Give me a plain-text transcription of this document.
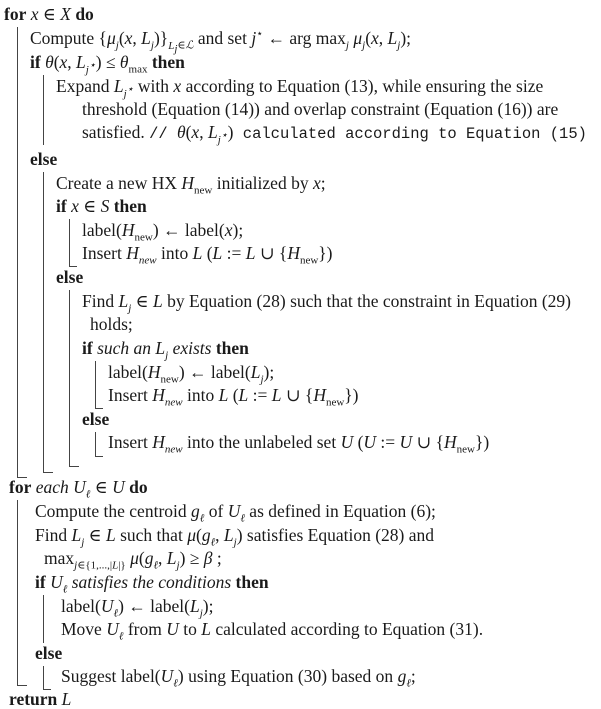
for x ∈ X do
Compute {$\mu_j(x$, $L_j)\}_{L_j\in ℒ}$ and set j⋆ ← arg $\max_j \mu_j(x$, $L_j$);
if θ(x, $L_{j^⋆}) \le \theta_{max}$ then
Expand $L_{j^⋆}$ with x according to Equation (13), while ensuring the size
threshold (Equation (14)) and overlap constraint (Equation (16)) are
satisfied. // θ(x, $L_{j^⋆}$) calculated according to Equation (15)
else
Create a new HX $H_{new}$ initialized by x;
if x ∈ S then
$label(H_{new})$ ← label(x);
Insert $H_{new}$ into L (L := L ∪ $\{H_{new}\}$)
else
Find $L_j$ ∈ L by Equation (28) such that the constraint in Equation (29)
holds;
if such an $L_j$ exists then
$label(H_{new})$ ← $label(L_j)$;
Insert $H_{new}$ into L (L := L ∪ $\{H_{new}\}$)
else
Insert $H_{new}$ into the unlabeled set U (U := U ∪ $\{H_{new}\}$)
for each $U_\ell$ ∈ U do
Compute the centroid $g_\ell$ of $U_\ell$ as defined in Equation (6);
Find $L_j$ ∈ L such that $\mu(g_\ell$, $L_j$) satisfies Equation (28) and
$\max_{j\in\{1,...,|L|\}} \mu(g_\ell$, $L_j) \ge \beta$ ;
if $U_\ell$ satisfies the conditions then
$label(U_\ell)$ ← $label(L_j)$;
Move $U_\ell$ from U to L calculated according to Equation (31).
else
Suggest $label(U_\ell)$ using Equation (30) based on $g_\ell$;
return L
